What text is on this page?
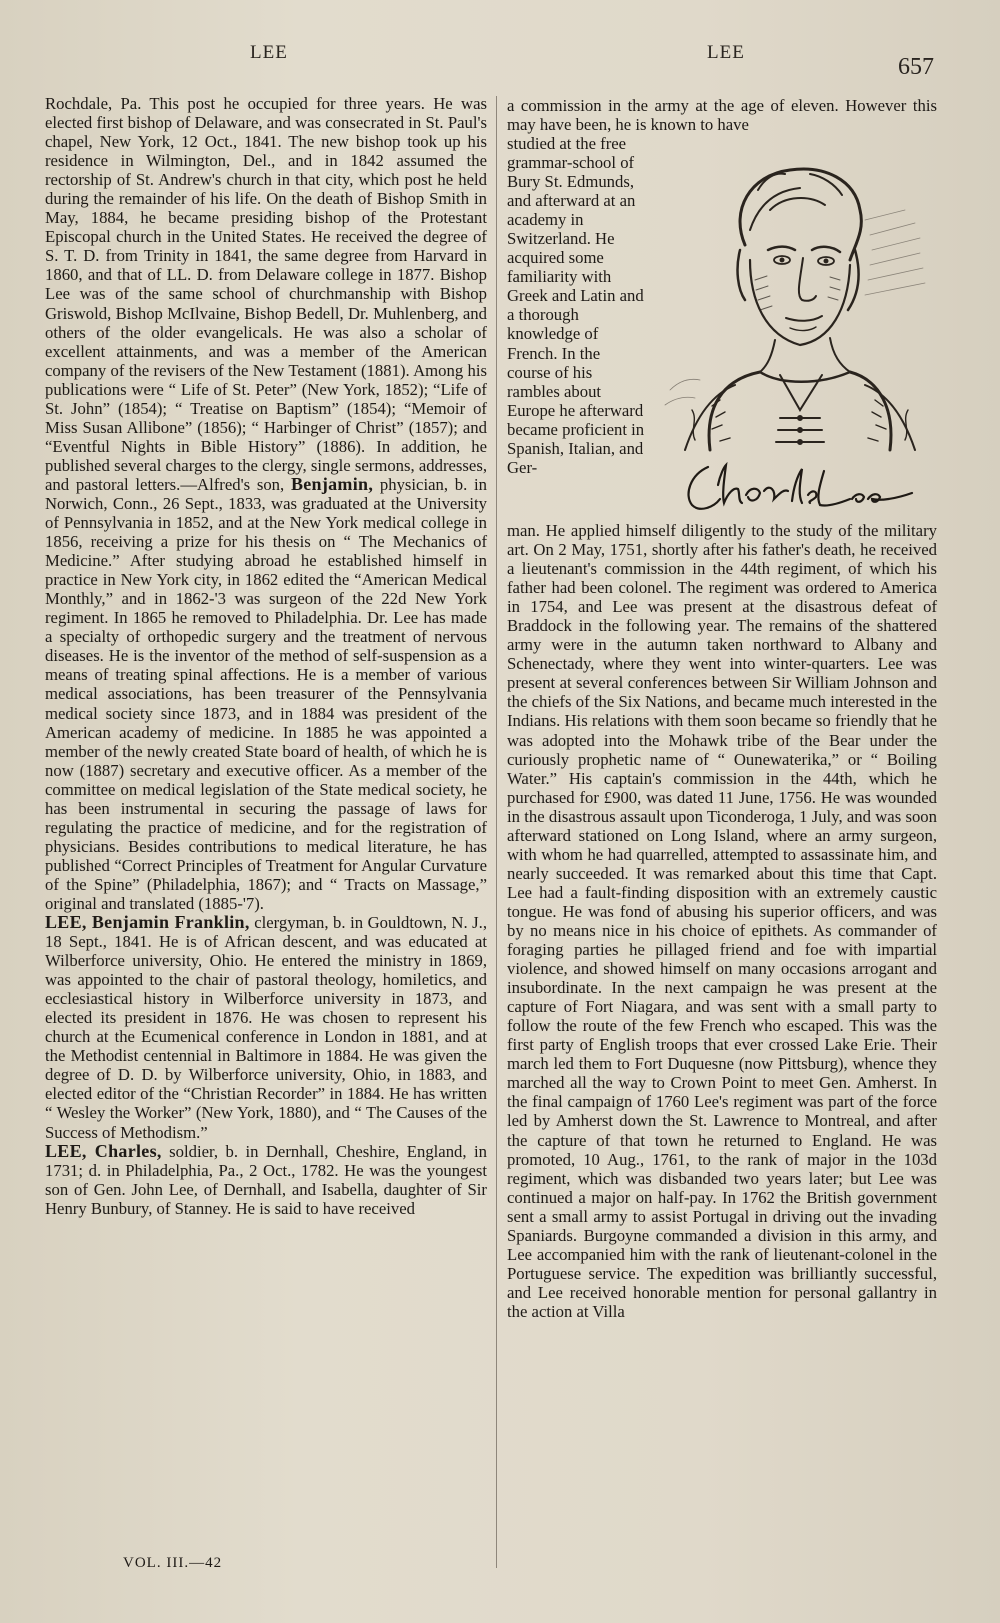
LEE	LEE
657

Rochdale, Pa. This post he occupied for three years. He was elected first bishop of Delaware, and was consecrated in St. Paul's chapel, New York, 12 Oct., 1841. The new bishop took up his residence in Wilmington, Del., and in 1842 assumed the rectorship of St. Andrew's church in that city, which post he held during the remainder of his life. On the death of Bishop Smith in May, 1884, he became presiding bishop of the Protestant Episcopal church in the United States. He received the degree of S. T. D. from Trinity in 1841, the same degree from Harvard in 1860, and that of LL. D. from Delaware college in 1877. Bishop Lee was of the same school of churchmanship with Bishop Griswold, Bishop McIlvaine, Bishop Bedell, Dr. Muhlenberg, and others of the older evangelicals. He was also a scholar of excellent attainments, and was a member of the American company of the revisers of the New Testament (1881). Among his publications were “ Life of St. Peter” (New York, 1852); “Life of St. John” (1854); “ Treatise on Baptism” (1854); “Memoir of Miss Susan Allibone” (1856); “ Harbinger of Christ” (1857); and “Eventful Nights in Bible History” (1886). In addition, he published several charges to the clergy, single sermons, addresses, and pastoral letters.—Alfred's son, Benjamin, physician, b. in Norwich, Conn., 26 Sept., 1833, was graduated at the University of Pennsylvania in 1852, and at the New York medical college in 1856, receiving a prize for his thesis on “ The Mechanics of Medicine.” After studying abroad he established himself in practice in New York city, in 1862 edited the “American Medical Monthly,” and in 1862-'3 was surgeon of the 22d New York regiment. In 1865 he removed to Philadelphia. Dr. Lee has made a specialty of orthopedic surgery and the treatment of nervous diseases. He is the inventor of the method of self-suspension as a means of treating spinal affections. He is a member of various medical associations, has been treasurer of the Pennsylvania medical society since 1873, and in 1884 was president of the American academy of medicine. In 1885 he was appointed a member of the newly created State board of health, of which he is now (1887) secretary and executive officer. As a member of the committee on medical legislation of the State medical society, he has been instrumental in securing the passage of laws for regulating the practice of medicine, and for the registration of physicians. Besides contributions to medical literature, he has published “Correct Principles of Treatment for Angular Curvature of the Spine” (Philadelphia, 1867); and “ Tracts on Massage,” original and translated (1885-'7).

LEE, Benjamin Franklin, clergyman, b. in Gouldtown, N. J., 18 Sept., 1841. He is of African descent, and was educated at Wilberforce university, Ohio. He entered the ministry in 1869, was appointed to the chair of pastoral theology, homiletics, and ecclesiastical history in Wilberforce university in 1873, and elected its president in 1876. He was chosen to represent his church at the Ecumenical conference in London in 1881, and at the Methodist centennial in Baltimore in 1884. He was given the degree of D. D. by Wilberforce university, Ohio, in 1883, and elected editor of the “Christian Recorder” in 1884. He has written “ Wesley the Worker” (New York, 1880), and “ The Causes of the Success of Methodism.”

LEE, Charles, soldier, b. in Dernhall, Cheshire, England, in 1731; d. in Philadelphia, Pa., 2 Oct., 1782. He was the youngest son of Gen. John Lee, of Dernhall, and Isabella, daughter of Sir Henry Bunbury, of Stanney. He is said to have received

a commission in the army at the age of eleven. However this may have been, he is known to have
studied at the free grammar-school of Bury St. Edmunds, and afterward at an academy in Switzerland. He acquired some familiarity with Greek and Latin and a thorough knowledge of French. In the course of his rambles about Europe he afterward became proficient in Spanish, Italian, and Ger-
Charles Lee
man. He applied himself diligently to the study of the military art. On 2 May, 1751, shortly after his father's death, he received a lieutenant's commission in the 44th regiment, of which his father had been colonel. The regiment was ordered to America in 1754, and Lee was present at the disastrous defeat of Braddock in the following year. The remains of the shattered army were in the autumn taken northward to Albany and Schenectady, where they went into winter-quarters. Lee was present at several conferences between Sir William Johnson and the chiefs of the Six Nations, and became much interested in the Indians. His relations with them soon became so friendly that he was adopted into the Mohawk tribe of the Bear under the curiously prophetic name of “ Ounewaterika,” or “ Boiling Water.” His captain's commission in the 44th, which he purchased for £900, was dated 11 June, 1756. He was wounded in the disastrous assault upon Ticonderoga, 1 July, and was soon afterward stationed on Long Island, where an army surgeon, with whom he had quarrelled, attempted to assassinate him, and nearly succeeded. It was remarked about this time that Capt. Lee had a fault-finding disposition with an extremely caustic tongue. He was fond of abusing his superior officers, and was by no means nice in his choice of epithets. As commander of foraging parties he pillaged friend and foe with impartial violence, and showed himself on many occasions arrogant and insubordinate. In the next campaign he was present at the capture of Fort Niagara, and was sent with a small party to follow the route of the few French who escaped. This was the first party of English troops that ever crossed Lake Erie. Their march led them to Fort Duquesne (now Pittsburg), whence they marched all the way to Crown Point to meet Gen. Amherst. In the final campaign of 1760 Lee's regiment was part of the force led by Amherst down the St. Lawrence to Montreal, and after the capture of that town he returned to England. He was promoted, 10 Aug., 1761, to the rank of major in the 103d regiment, which was disbanded two years later; but Lee was continued a major on half-pay. In 1762 the British government sent a small army to assist Portugal in driving out the invading Spaniards. Burgoyne commanded a division in this army, and Lee accompanied him with the rank of lieutenant-colonel in the Portuguese service. The expedition was brilliantly successful, and Lee received honorable mention for personal gallantry in the action at Villa
VOL. III.—42
